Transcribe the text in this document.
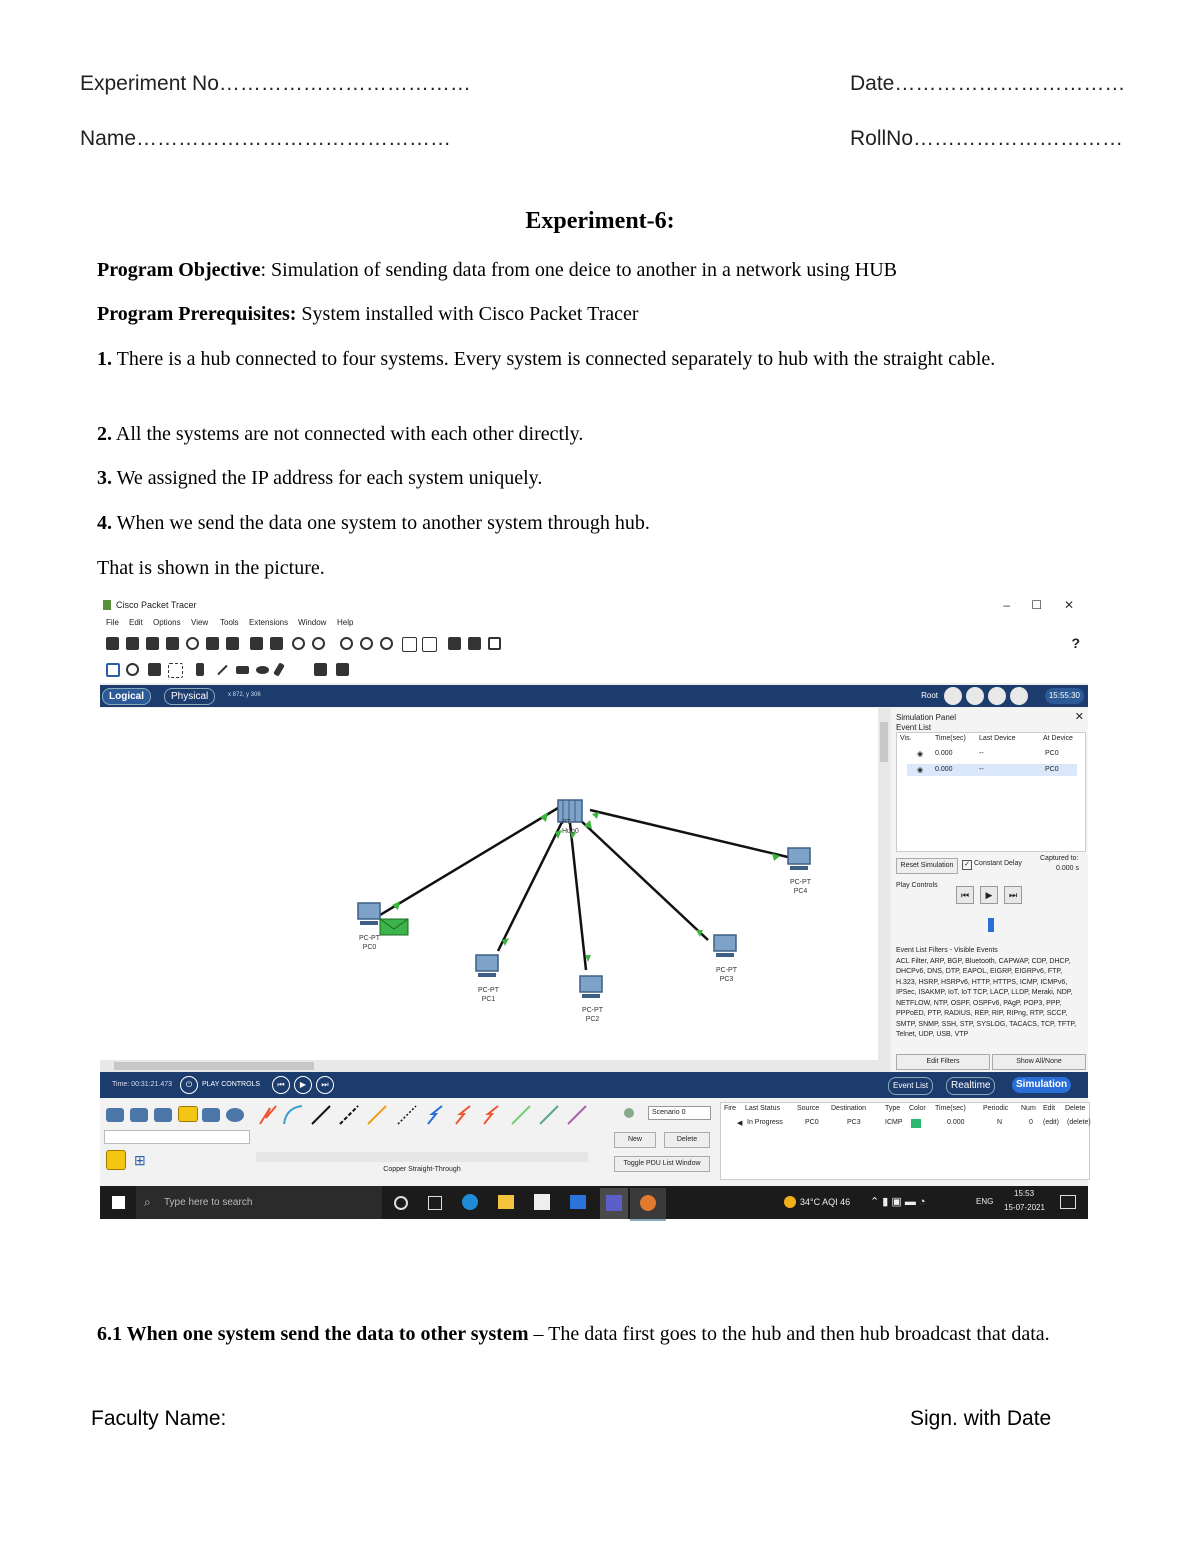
Experiment No………………………………	Date……………………………
Name………………………………………	RollNo…………………………
Experiment-6:
Program Objective: Simulation of sending data from one deice to another in a network using HUB
Program Prerequisites: System installed with Cisco Packet Tracer
1. There is a hub connected to four systems. Every system is connected separately to hub with the straight cable.
2. All the systems are not connected with each other directly.
3. We assigned the IP address for each system uniquely.
4. When we send the data one system to another system through hub.
That is shown in the picture.
Cisco Packet Tracer	– ☐ ✕
File Edit Options View Tools Extensions Window Help
?
Logical	Physical	x 872, y 306	Root	15:55:30
PT
Hub0
PC-PT
PC0
PC-PT
PC1
PC-PT
PC2
PC-PT
PC3
PC-PT
PC4
Simulation Panel	✕
Event List
Vis.	Time(sec) Last Device	At Device
◉ 0.000	--	PC0
◉ 0.000	--	PC0
Reset Simulation	✓ Constant Delay
Captured to:
0.000 s
Play Controls
⏮	▶	⏭
Event List Filters - Visible Events
ACL Filter, ARP, BGP, Bluetooth, CAPWAP, CDP, DHCP, DHCPv6, DNS, DTP, EAPOL, EIGRP, EIGRPv6, FTP, H.323, HSRP, HSRPv6, HTTP, HTTPS, ICMP, ICMPv6, IPSec, ISAKMP, IoT, IoT TCP, LACP, LLDP, Meraki, NDP, NETFLOW, NTP, OSPF, OSPFv6, PAgP, POP3, PPP, PPPoED, PTP, RADIUS, REP, RIP, RIPng, RTP, SCCP, SMTP, SNMP, SSH, STP, SYSLOG, TACACS, TCP, TFTP, Telnet, UDP, USB, VTP
Edit Filters	Show All/None
Time: 00:31:21.473	⏻	PLAY CONTROLS	⏮	▶	⏭	Event List	Realtime	Simulation
⊞
Copper Straight-Through
Scenario 0
New	Delete
Toggle PDU List Window
Fire Last Status Source Destination	Type Color Time(sec) Periodic Num Edit Delete
◀ In Progress	PC0	PC3	ICMP	0.000	N	0 (edit) (delete)
⌕ Type here to search	34°C AQI 46 ⌃ ▮ ▣ ▬ ◔	ENG
15:53
15-07-2021
6.1 When one system send the data to other system – The data first goes to the hub and then hub broadcast that data.
Faculty Name:	Sign. with Date
